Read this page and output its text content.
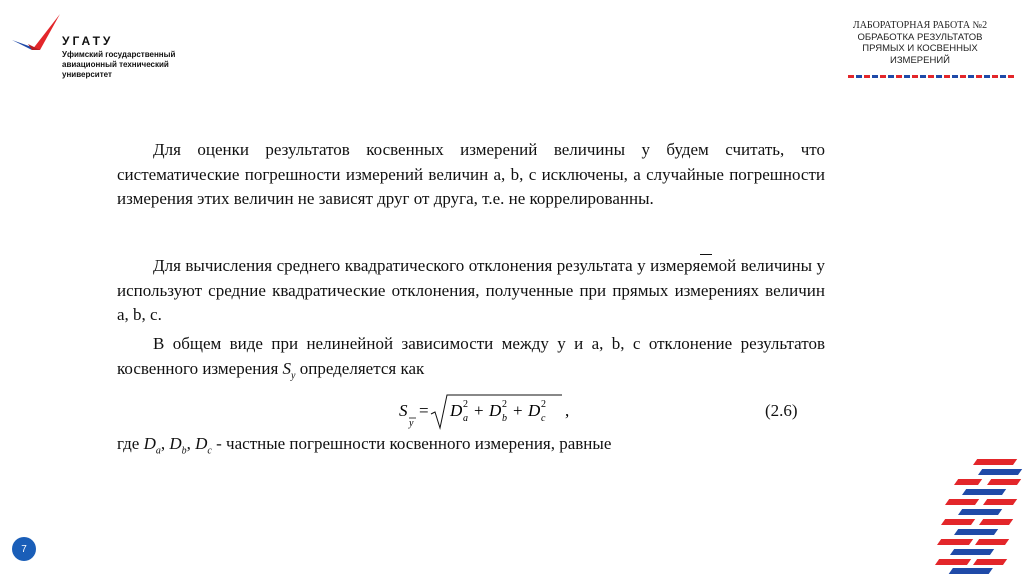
УГАТУ
Уфимский государственный авиационный технический университет
ЛАБОРАТОРНАЯ РАБОТА №2
ОБРАБОТКА РЕЗУЛЬТАТОВ
ПРЯМЫХ И КОСВЕННЫХ
ИЗМЕРЕНИЙ
Для оценки результатов косвенных измерений величины y будем считать, что систематические погрешности измерений величин a, b, c исключены, а случайные погрешности измерения этих величин не зависят друг от друга, т.е. не коррелированны.
Для вычисления среднего квадратического отклонения результата y измеряемой величины y используют средние квадратические отклонения, полученные при прямых измерениях величин a, b, c.
В общем виде при нелинейной зависимости между y и a, b, c отклонение результатов косвенного измерения $S_y$ определяется как
S
y
= D 2
a + D 2
b + D 2
c ,	(2.6)
где $D_a$, $D_b$, $D_c$ - частные погрешности косвенного измерения, равные
7
